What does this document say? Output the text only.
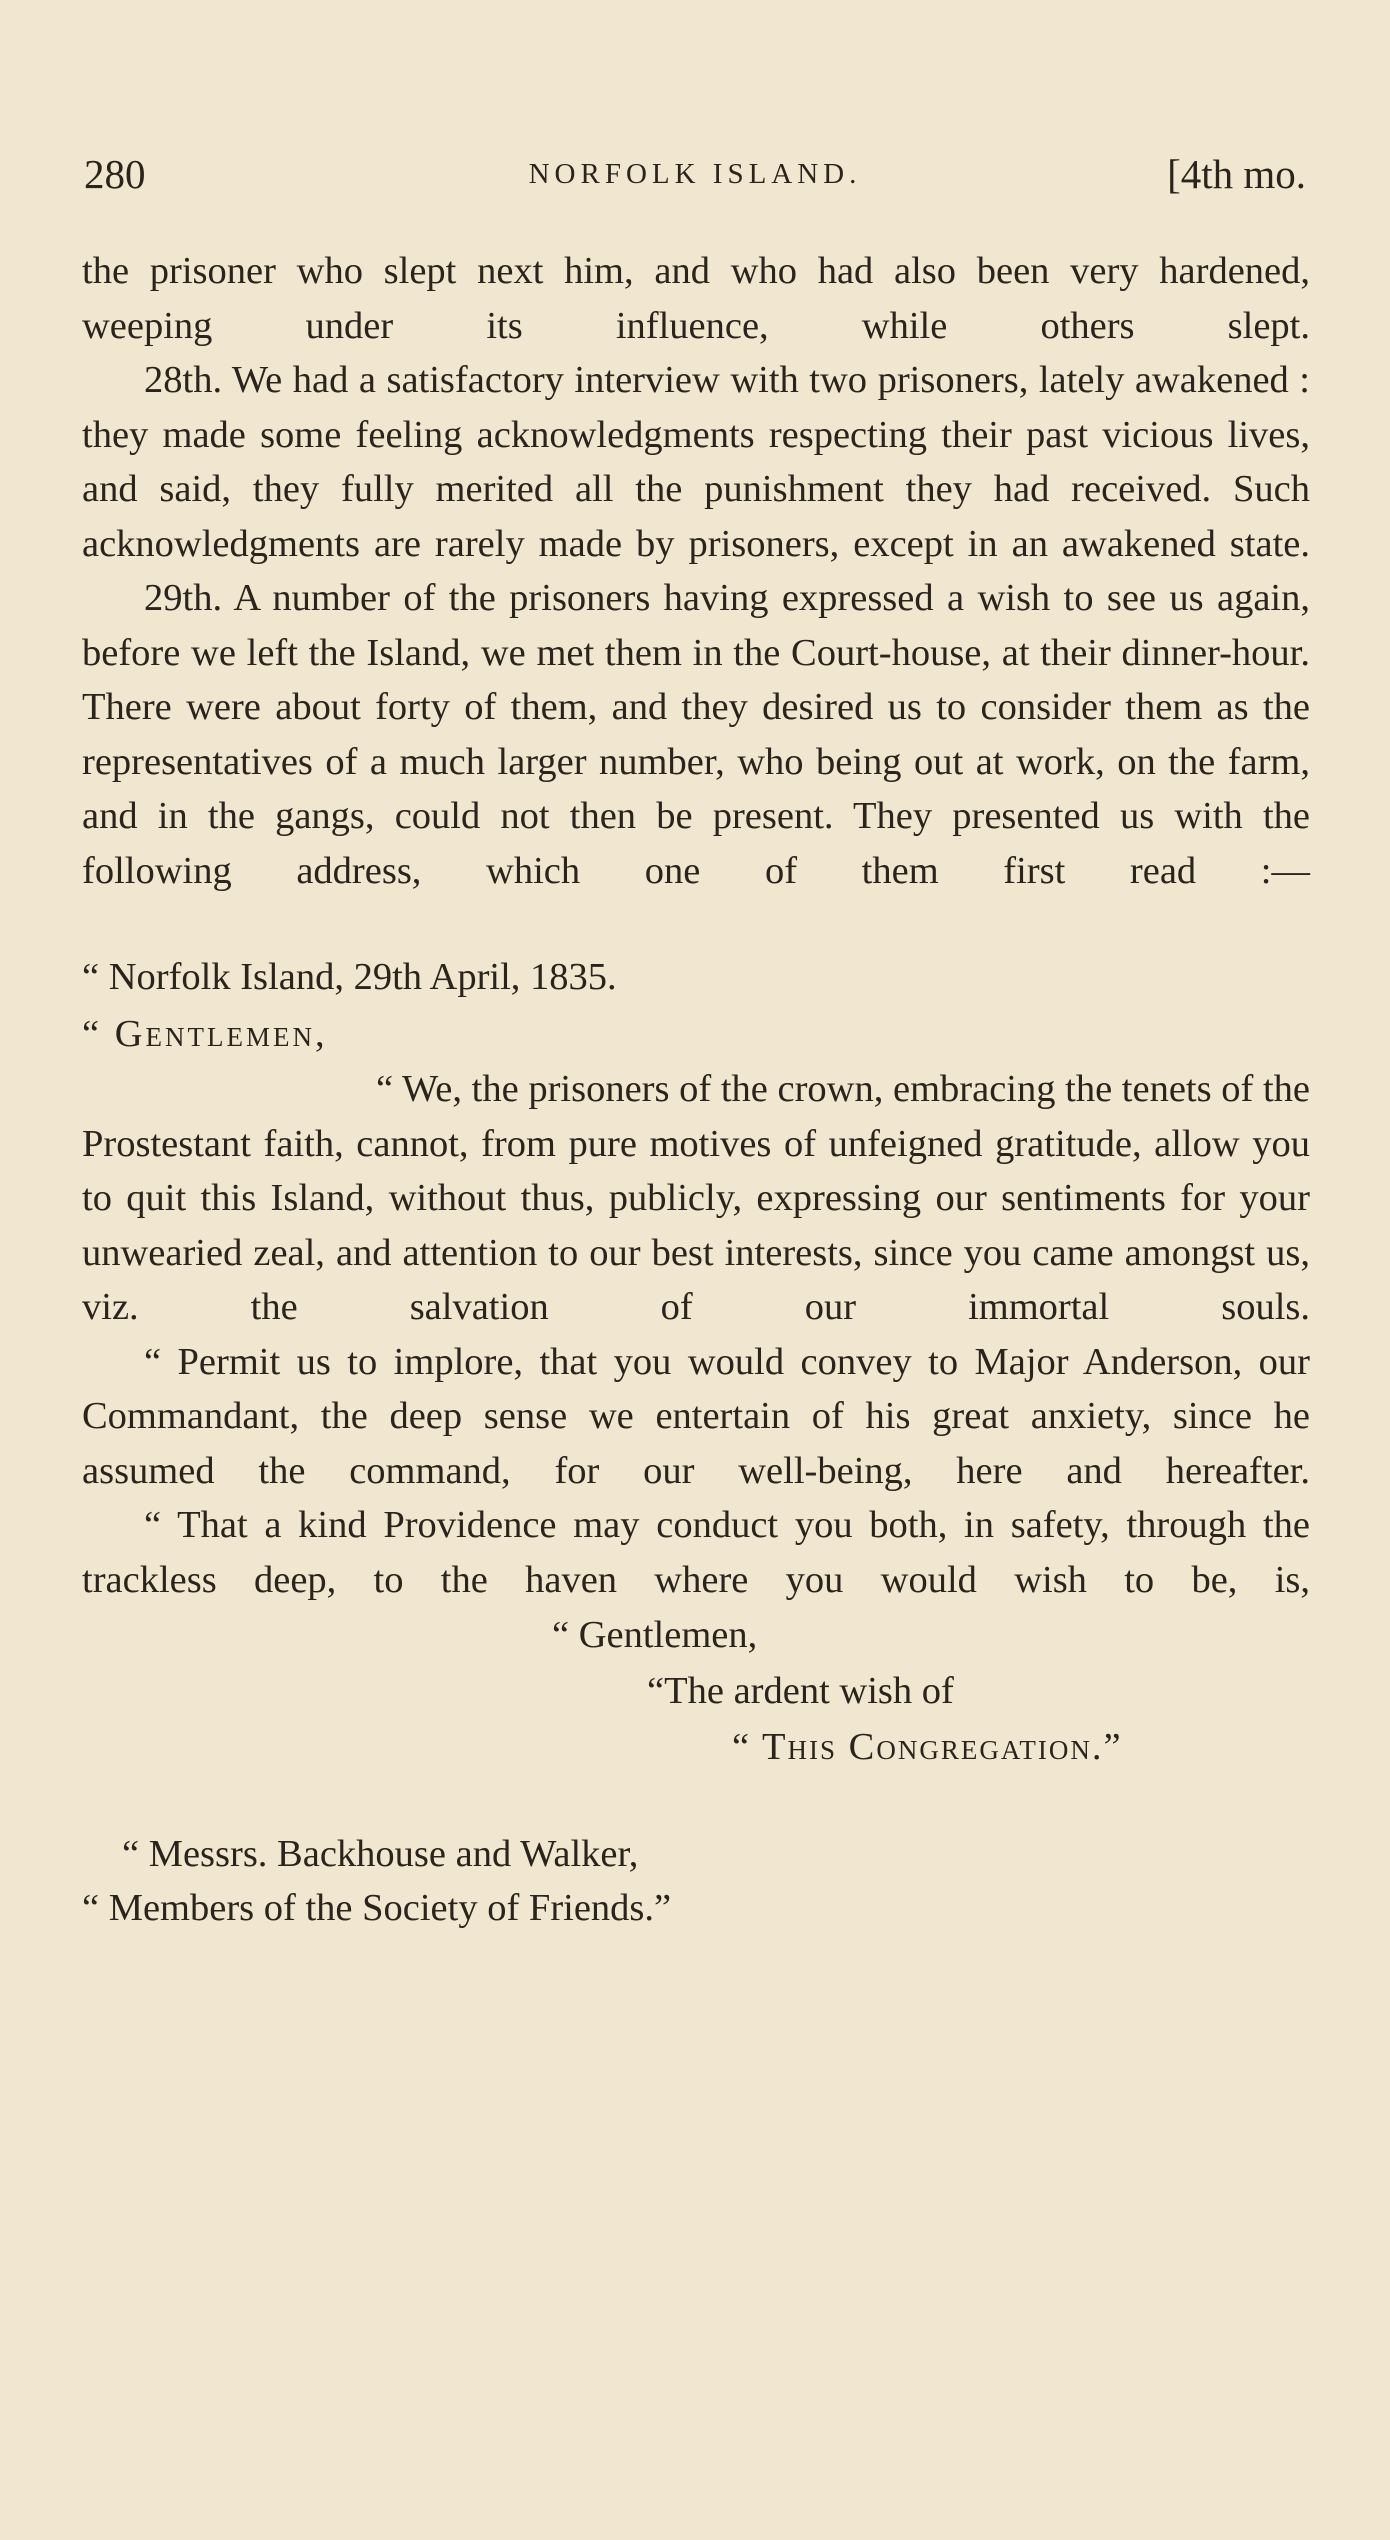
280	NORFOLK ISLAND.	[4th mo.

the prisoner who slept next him, and who had also been very hardened, weeping under its influence, while others slept.

28th. We had a satisfactory interview with two prisoners, lately awakened : they made some feeling acknowledgments respecting their past vicious lives, and said, they fully merited all the punishment they had received. Such acknowledgments are rarely made by prisoners, except in an awakened state.

29th. A number of the prisoners having expressed a wish to see us again, before we left the Island, we met them in the Court-house, at their dinner-hour. There were about forty of them, and they desired us to consider them as the representatives of a much larger number, who being out at work, on the farm, and in the gangs, could not then be present. They presented us with the following address, which one of them first read :—

“ Norfolk Island, 29th April, 1835.

“ Gentlemen,

“ We, the prisoners of the crown, embracing the tenets of the Prostestant faith, cannot, from pure motives of unfeigned gratitude, allow you to quit this Island, without thus, publicly, expressing our sentiments for your unwearied zeal, and attention to our best interests, since you came amongst us, viz. the salvation of our immortal souls.

“ Permit us to implore, that you would convey to Major Anderson, our Commandant, the deep sense we entertain of his great anxiety, since he assumed the command, for our well-being, here and hereafter.

“ That a kind Providence may conduct you both, in safety, through the trackless deep, to the haven where you would wish to be, is,

“ Gentlemen,
“The ardent wish of
“ This Congregation.”
“ Messrs. Backhouse and Walker,
“ Members of the Society of Friends.”
